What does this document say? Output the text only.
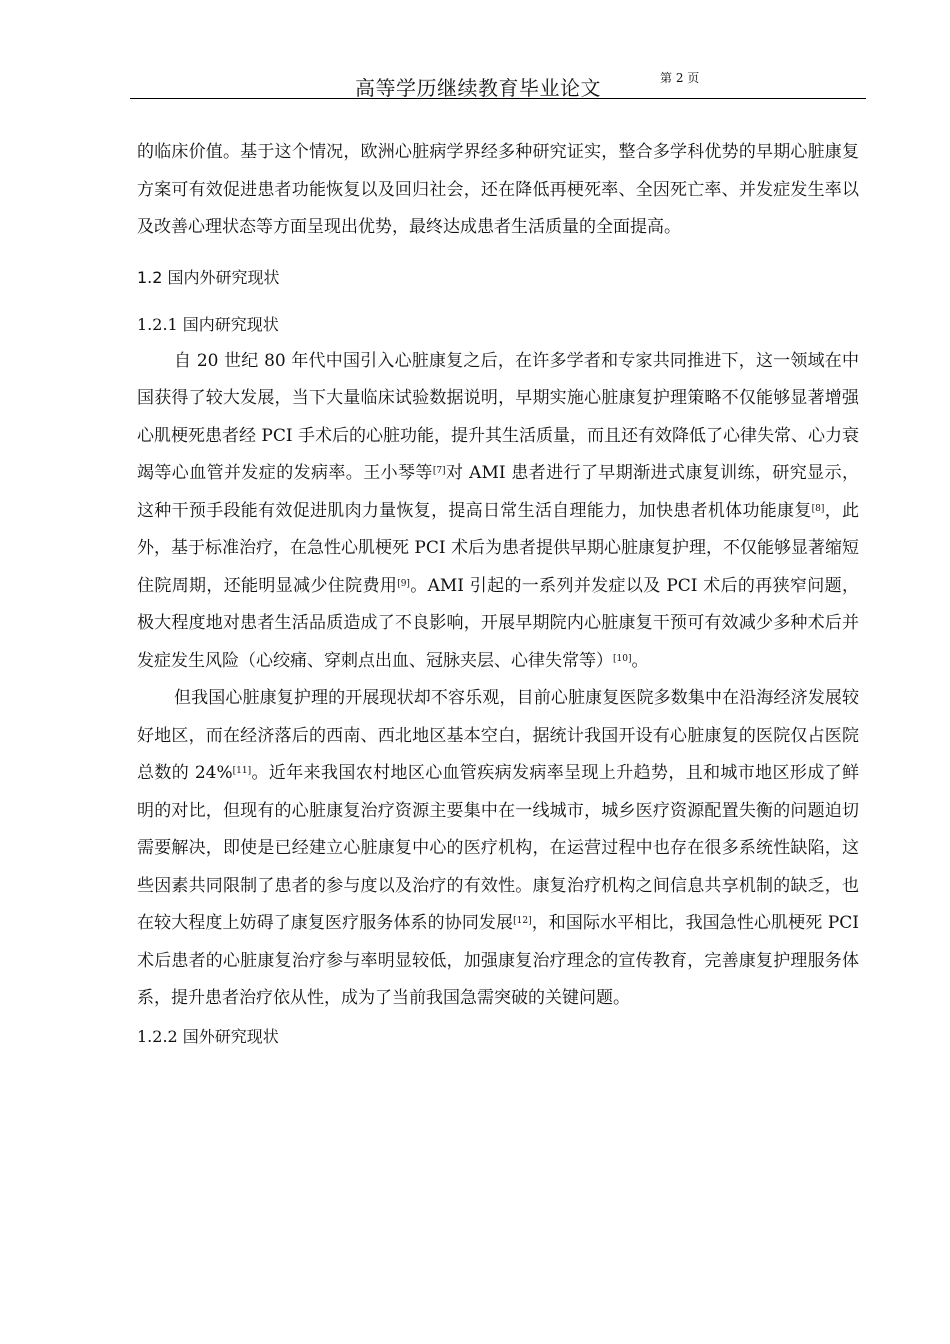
高等学历继续教育毕业论文	第 2 页

的临床价值。基于这个情况，欧洲心脏病学界经多种研究证实，整合多学科优势的早期心脏康复方案可有效促进患者功能恢复以及回归社会，还在降低再梗死率、全因死亡率、并发症发生率以及改善心理状态等方面呈现出优势，最终达成患者生活质量的全面提高。

1.2 国内外研究现状
1.2.1 国内研究现状

自 20 世纪 80 年代中国引入心脏康复之后，在许多学者和专家共同推进下，这一领域在中国获得了较大发展，当下大量临床试验数据说明，早期实施心脏康复护理策略不仅能够显著增强心肌梗死患者经 PCI 手术后的心脏功能，提升其生活质量，而且还有效降低了心律失常、心力衰竭等心血管并发症的发病率。王小琴等[7]对 AMI 患者进行了早期渐进式康复训练，研究显示，这种干预手段能有效促进肌肉力量恢复，提高日常生活自理能力，加快患者机体功能康复[8]，此外，基于标准治疗，在急性心肌梗死 PCI 术后为患者提供早期心脏康复护理，不仅能够显著缩短住院周期，还能明显减少住院费用[9]。AMI 引起的一系列并发症以及 PCI 术后的再狭窄问题，极大程度地对患者生活品质造成了不良影响，开展早期院内心脏康复干预可有效减少多种术后并发症发生风险（心绞痛、穿刺点出血、冠脉夹层、心律失常等）[10]。

但我国心脏康复护理的开展现状却不容乐观，目前心脏康复医院多数集中在沿海经济发展较好地区，而在经济落后的西南、西北地区基本空白，据统计我国开设有心脏康复的医院仅占医院总数的 24%[11]。近年来我国农村地区心血管疾病发病率呈现上升趋势，且和城市地区形成了鲜明的对比，但现有的心脏康复治疗资源主要集中在一线城市，城乡医疗资源配置失衡的问题迫切需要解决，即使是已经建立心脏康复中心的医疗机构，在运营过程中也存在很多系统性缺陷，这些因素共同限制了患者的参与度以及治疗的有效性。康复治疗机构之间信息共享机制的缺乏，也在较大程度上妨碍了康复医疗服务体系的协同发展[12]，和国际水平相比，我国急性心肌梗死 PCI 术后患者的心脏康复治疗参与率明显较低，加强康复治疗理念的宣传教育，完善康复护理服务体系，提升患者治疗依从性，成为了当前我国急需突破的关键问题。

1.2.2 国外研究现状
